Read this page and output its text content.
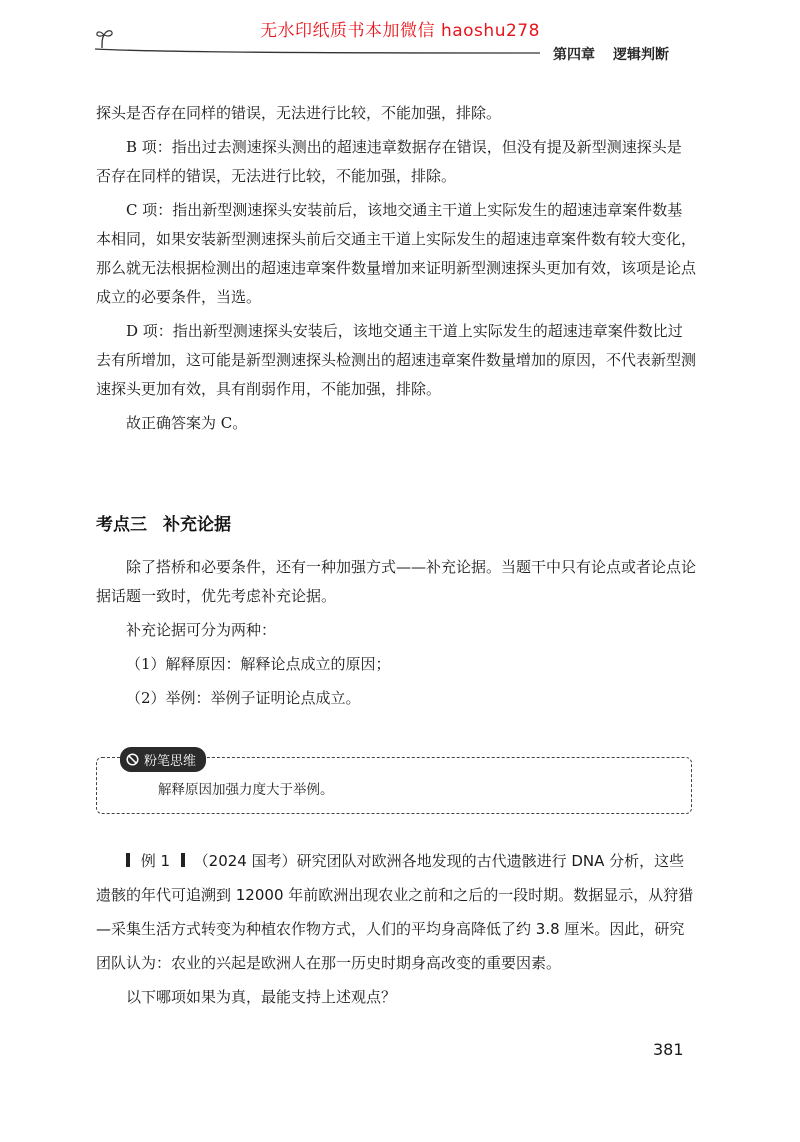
无水印纸质书本加微信 haoshu278
第四章 逻辑判断

探头是否存在同样的错误，无法进行比较，不能加强，排除。

B 项：指出过去测速探头测出的超速违章数据存在错误，但没有提及新型测速探头是否存在同样的错误，无法进行比较，不能加强，排除。

C 项：指出新型测速探头安装前后，该地交通主干道上实际发生的超速违章案件数基本相同，如果安装新型测速探头前后交通主干道上实际发生的超速违章案件数有较大变化，那么就无法根据检测出的超速违章案件数量增加来证明新型测速探头更加有效，该项是论点成立的必要条件，当选。

D 项：指出新型测速探头安装后，该地交通主干道上实际发生的超速违章案件数比过去有所增加，这可能是新型测速探头检测出的超速违章案件数量增加的原因，不代表新型测速探头更加有效，具有削弱作用，不能加强，排除。

故正确答案为 C。

考点三 补充论据

除了搭桥和必要条件，还有一种加强方式——补充论据。当题干中只有论点或者论点论据话题一致时，优先考虑补充论据。

补充论据可分为两种：

（1）解释原因：解释论点成立的原因；

（2）举例：举例子证明论点成立。

粉笔思维
解释原因加强力度大于举例。

例 1 （2024 国考）研究团队对欧洲各地发现的古代遗骸进行 DNA 分析，这些遗骸的年代可追溯到 12000 年前欧洲出现农业之前和之后的一段时期。数据显示，从狩猎—采集生活方式转变为种植农作物方式，人们的平均身高降低了约 3.8 厘米。因此，研究团队认为：农业的兴起是欧洲人在那一历史时期身高改变的重要因素。

以下哪项如果为真，最能支持上述观点？

381
